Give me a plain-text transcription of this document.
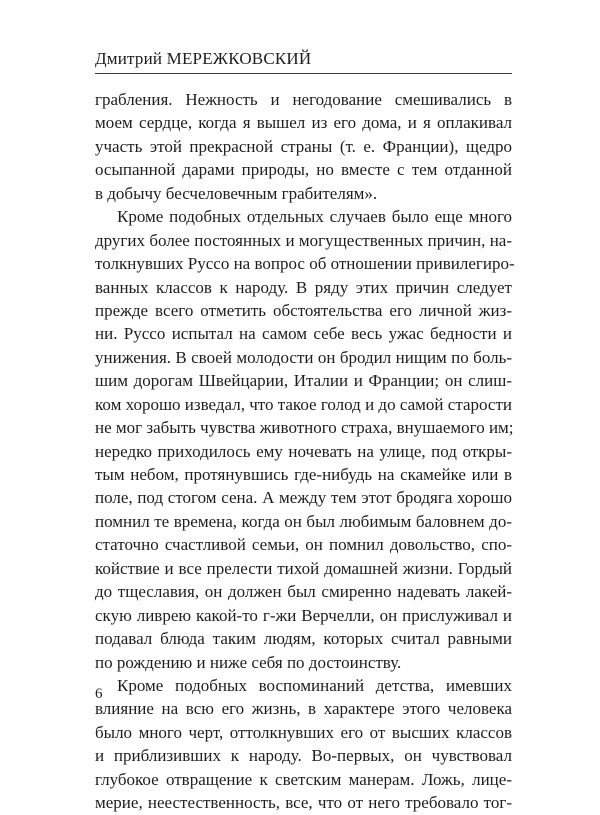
Дмитрий МЕРЕЖКОВСКИЙ
грабления. Нежность и негодование смешивались в
моем сердце, когда я вышел из его дома, и я оплакивал
участь этой прекрасной страны (т. е. Франции), щедро
осыпанной дарами природы, но вместе с тем отданной
в добычу бесчеловечным грабителям».
Кроме подобных отдельных случаев было еще много
других более постоянных и могущественных причин, на-
толкнувших Руссо на вопрос об отношении привилегиро-
ванных классов к народу. В ряду этих причин следует
прежде всего отметить обстоятельства его личной жиз-
ни. Руссо испытал на самом себе весь ужас бедности и
унижения. В своей молодости он бродил нищим по боль-
шим дорогам Швейцарии, Италии и Франции; он слиш-
ком хорошо изведал, что такое голод и до самой старости
не мог забыть чувства животного страха, внушаемого им;
нередко приходилось ему ночевать на улице, под откры-
тым небом, протянувшись где-нибудь на скамейке или в
поле, под стогом сена. А между тем этот бродяга хорошо
помнил те времена, когда он был любимым баловнем до-
статочно счастливой семьи, он помнил довольство, спо-
койствие и все прелести тихой домашней жизни. Гордый
до тщеславия, он должен был смиренно надевать лакей-
скую ливрею какой-то г-жи Верчелли, он прислуживал и
подавал блюда таким людям, которых считал равными
по рождению и ниже себя по достоинству.
Кроме подобных воспоминаний детства, имевших
влияние на всю его жизнь, в характере этого человека
было много черт, оттолкнувших его от высших классов
и приблизивших к народу. Во-первых, он чувствовал
глубокое отвращение к светским манерам. Ложь, лице-
мерие, неестественность, все, что от него требовало тог-
6
